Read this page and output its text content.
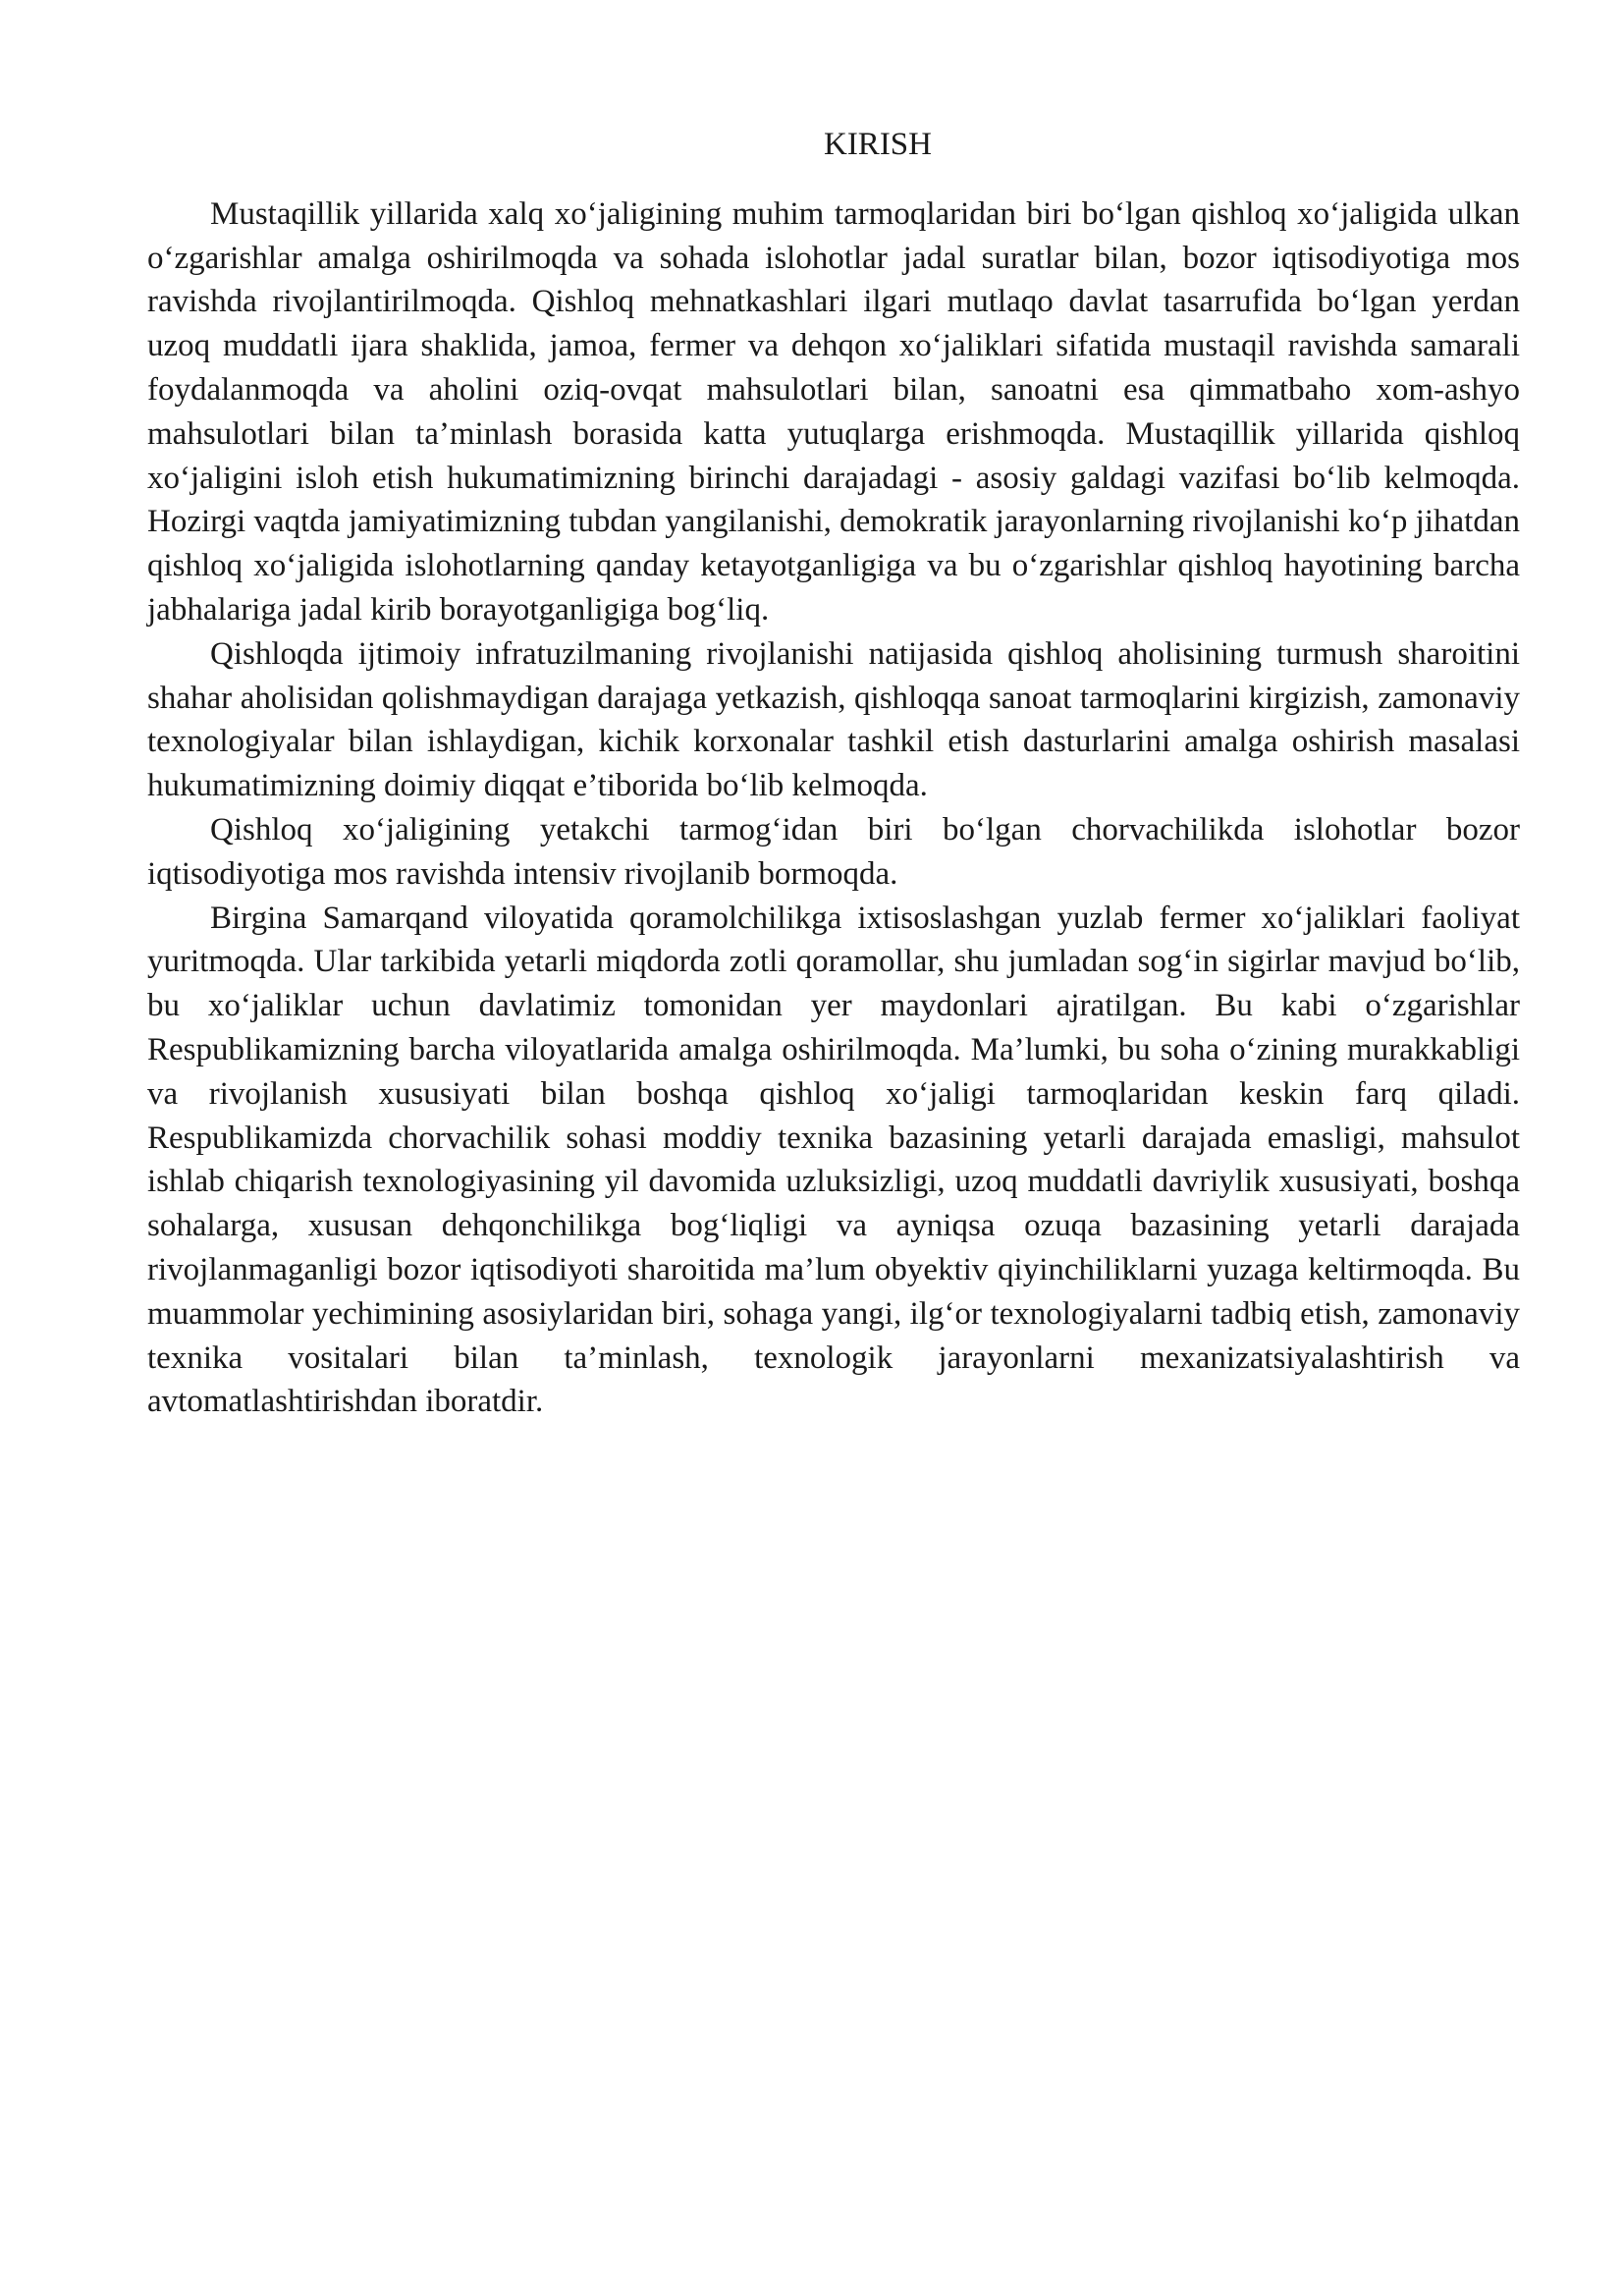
KIRISH

Mustaqillik yillarida xalq xo‘jaligining muhim tarmoqlaridan biri bo‘lgan qishloq xo‘jaligida ulkan o‘zgarishlar amalga oshirilmoqda va sohada islohotlar jadal suratlar bilan, bozor iqtisodiyotiga mos ravishda rivojlantirilmoqda. Qishloq mehnatkashlari ilgari mutlaqo davlat tasarrufida bo‘lgan yerdan uzoq muddatli ijara shaklida, jamoa, fermer va dehqon xo‘jaliklari sifatida mustaqil ravishda samarali foydalanmoqda va aholini oziq-ovqat mahsulotlari bilan, sanoatni esa qimmatbaho xom-ashyo mahsulotlari bilan ta’minlash borasida katta yutuqlarga erishmoqda. Mustaqillik yillarida qishloq xo‘jaligini isloh etish hukumatimizning birinchi darajadagi - asosiy galdagi vazifasi bo‘lib kelmoqda. Hozirgi vaqtda jamiyatimizning tubdan yangilanishi, demokratik jarayonlarning rivojlanishi ko‘p jihatdan qishloq xo‘jaligida islohotlarning qanday ketayotganligiga va bu o‘zgarishlar qishloq hayotining barcha jabhalariga jadal kirib borayotganligiga bog‘liq.

Qishloqda ijtimoiy infratuzilmaning rivojlanishi natijasida qishloq aholisining turmush sharoitini shahar aholisidan qolishmaydigan darajaga yetkazish, qishloqqa sanoat tarmoqlarini kirgizish, zamonaviy texnologiyalar bilan ishlaydigan, kichik korxonalar tashkil etish dasturlarini amalga oshirish masalasi hukumatimizning doimiy diqqat e’tiborida bo‘lib kelmoqda.

Qishloq xo‘jaligining yetakchi tarmog‘idan biri bo‘lgan chorvachilikda islohotlar bozor iqtisodiyotiga mos ravishda intensiv rivojlanib bormoqda.

Birgina Samarqand viloyatida qoramolchilikga ixtisoslashgan yuzlab fermer xo‘jaliklari faoliyat yuritmoqda. Ular tarkibida yetarli miqdorda zotli qoramollar, shu jumladan sog‘in sigirlar mavjud bo‘lib, bu xo‘jaliklar uchun davlatimiz tomonidan yer maydonlari ajratilgan. Bu kabi o‘zgarishlar Respublikamizning barcha viloyatlarida amalga oshirilmoqda. Ma’lumki, bu soha o‘zining murakkabligi va rivojlanish xususiyati bilan boshqa qishloq xo‘jaligi tarmoqlaridan keskin farq qiladi. Respublikamizda chorvachilik sohasi moddiy texnika bazasining yetarli darajada emasligi, mahsulot ishlab chiqarish texnologiyasining yil davomida uzluksizligi, uzoq muddatli davriylik xususiyati, boshqa sohalarga, xususan dehqonchilikga bog‘liqligi va ayniqsa ozuqa bazasining yetarli darajada rivojlanmaganligi bozor iqtisodiyoti sharoitida ma’lum obyektiv qiyinchiliklarni yuzaga keltirmoqda. Bu muammolar yechimining asosiylaridan biri, sohaga yangi, ilg‘or texnologiyalarni tadbiq etish, zamonaviy texnika vositalari bilan ta’minlash, texnologik jarayonlarni mexanizatsiyalashtirish va avtomatlashtirishdan iboratdir.
